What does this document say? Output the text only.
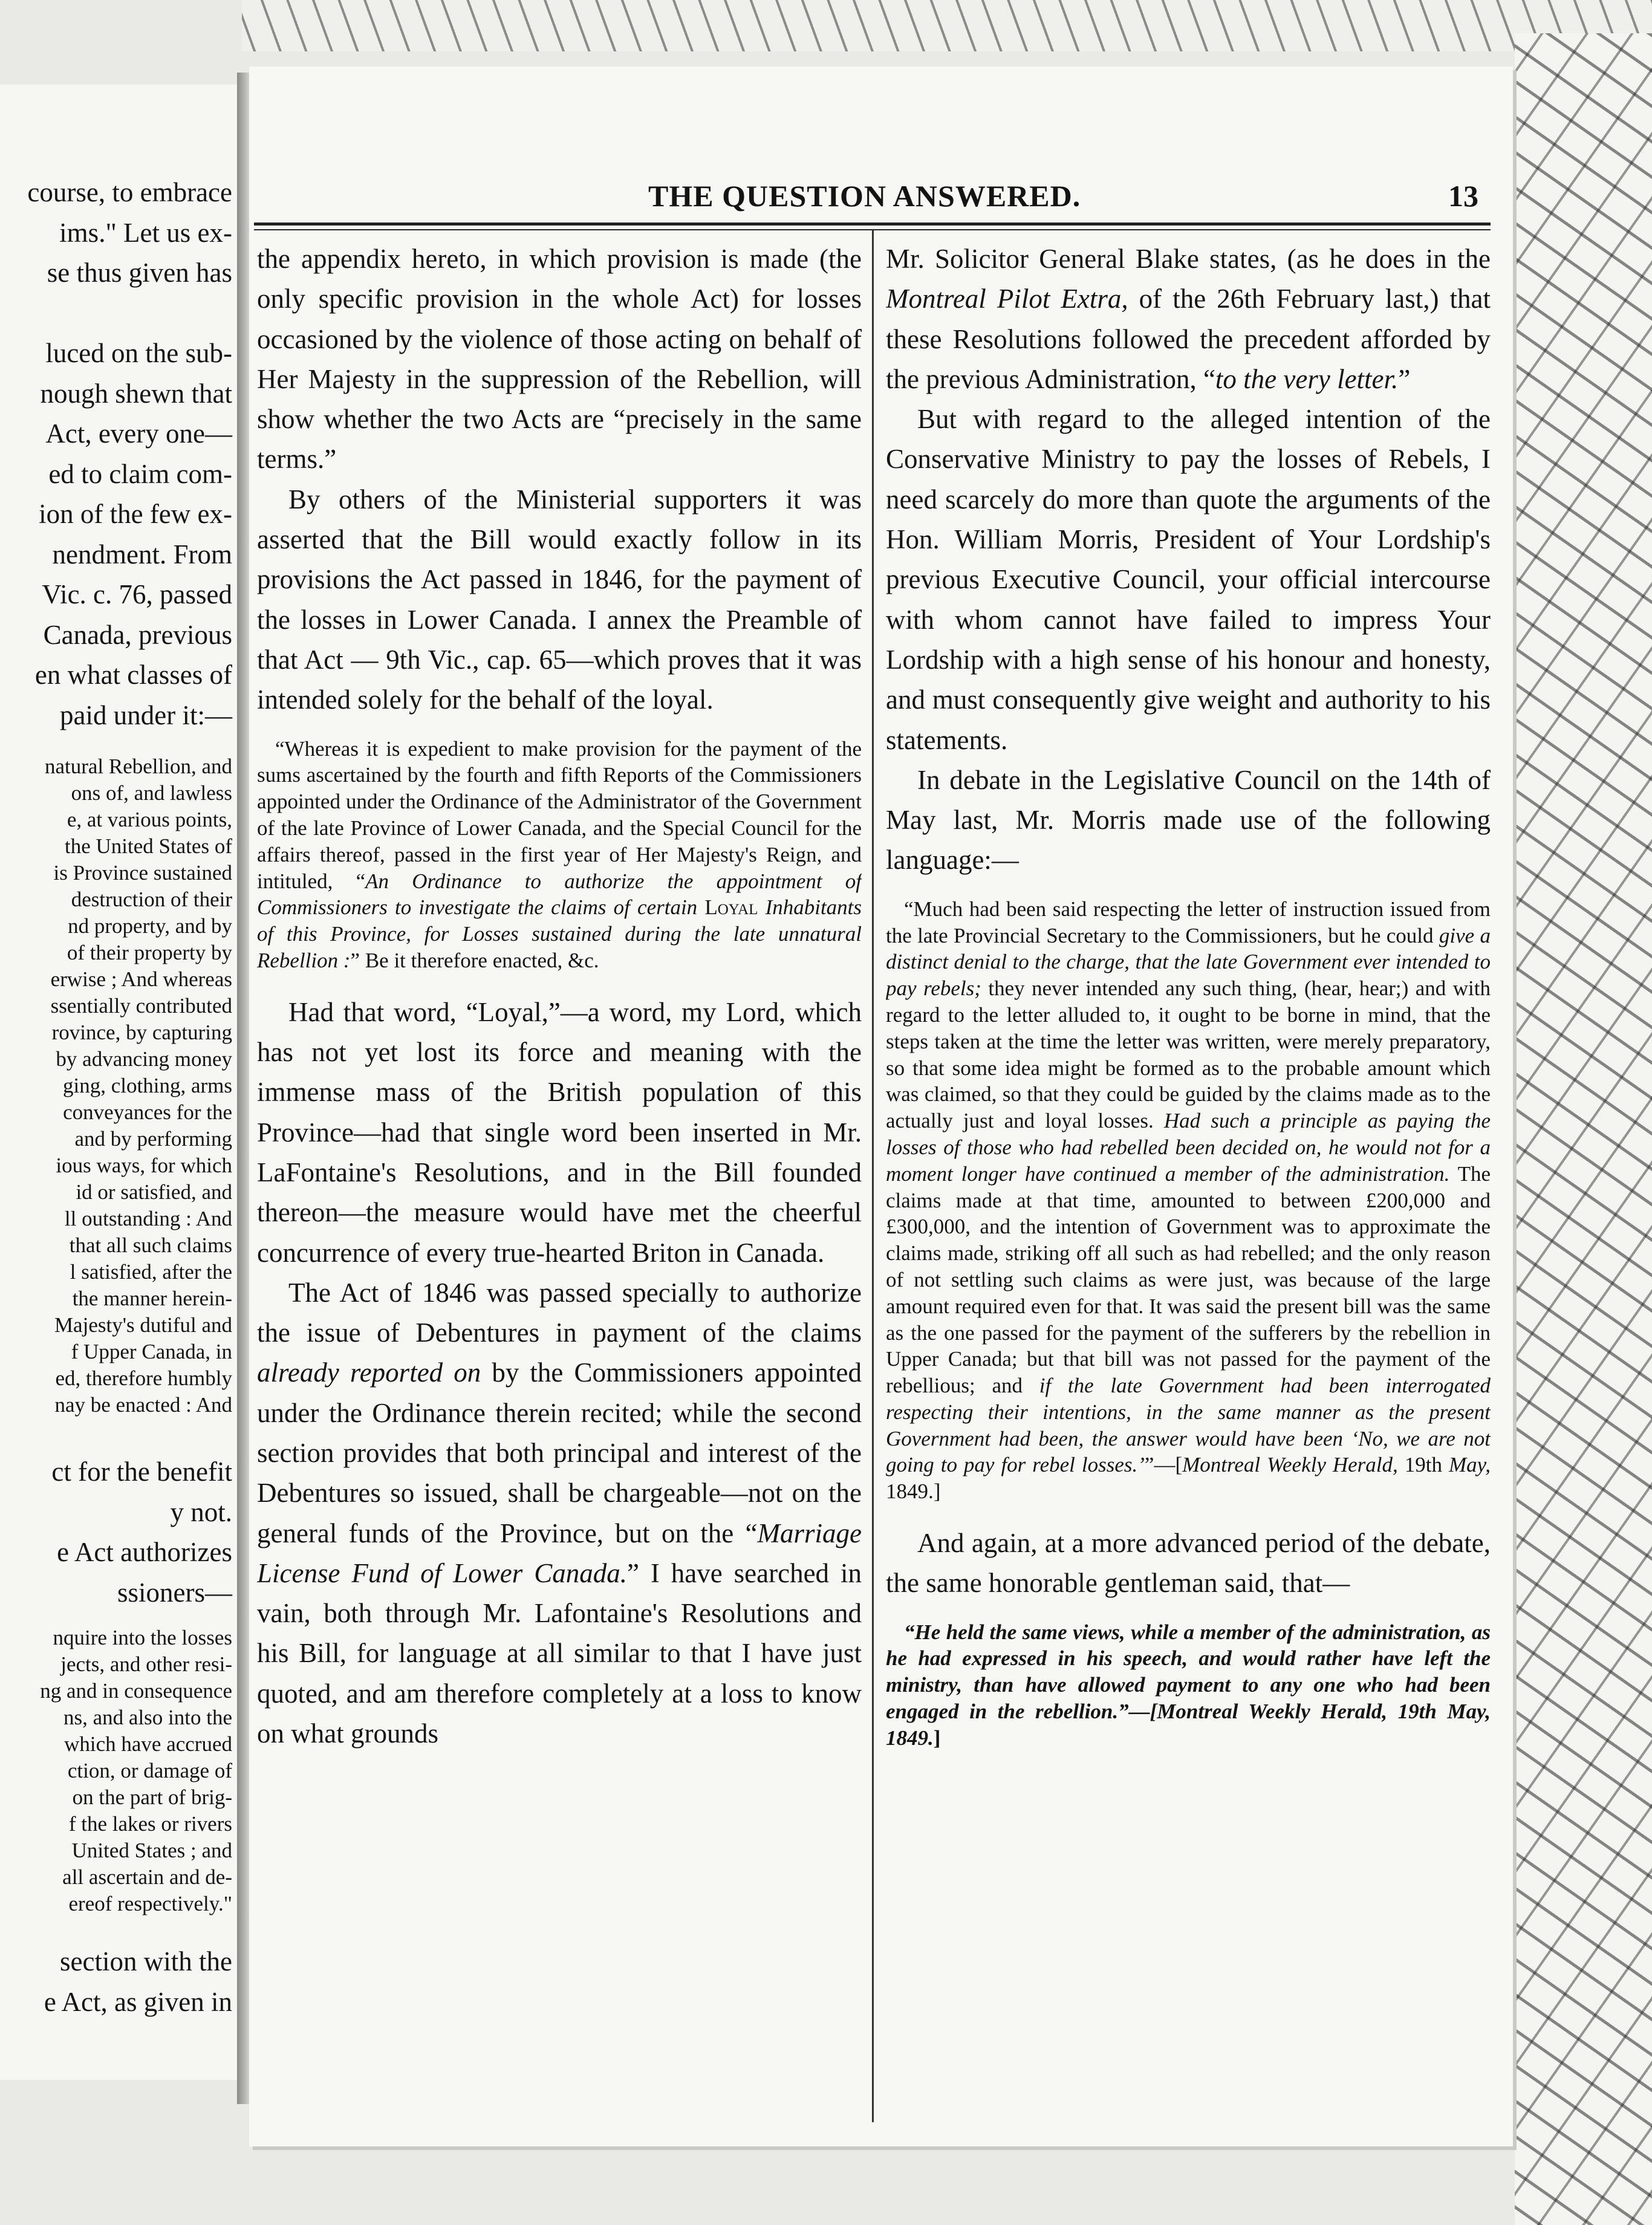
course, to embrace
ims." Let us ex-
se thus given has
luced on the sub-
nough shewn that
Act, every one—
ed to claim com-
ion of the few ex-
nendment. From
Vic. c. 76, passed
Canada, previous
en what classes of
paid under it:—
natural Rebellion, and
ons of, and lawless
e, at various points,
the United States of
is Province sustained
destruction of their
nd property, and by
of their property by
erwise ; And whereas
ssentially contributed
rovince, by capturing
by advancing money
ging, clothing, arms
conveyances for the
and by performing
ious ways, for which
id or satisfied, and
ll outstanding : And
that all such claims
l satisfied, after the
the manner herein-
Majesty's dutiful and
f Upper Canada, in
ed, therefore humbly
nay be enacted : And
ct for the benefit
y not.
e Act authorizes
ssioners—
nquire into the losses
jects, and other resi-
ng and in consequence
ns, and also into the
which have accrued
ction, or damage of
on the part of brig-
f the lakes or rivers
United States ; and
all ascertain and de-
ereof respectively."
section with the
e Act, as given in
THE QUESTION ANSWERED.	13

the appendix hereto, in which provision is made (the only specific provision in the whole Act) for losses occasioned by the violence of those acting on behalf of Her Majesty in the suppression of the Rebellion, will show whether the two Acts are “precisely in the same terms.”

By others of the Ministerial supporters it was asserted that the Bill would exactly follow in its provisions the Act passed in 1846, for the payment of the losses in Lower Canada. I annex the Preamble of that Act — 9th Vic., cap. 65—which proves that it was intended solely for the behalf of the loyal.

“Whereas it is expedient to make provision for the payment of the sums ascertained by the fourth and fifth Reports of the Commissioners appointed under the Ordinance of the Administrator of the Government of the late Province of Lower Canada, and the Special Council for the affairs thereof, passed in the first year of Her Majesty's Reign, and intituled, “An Ordinance to authorize the appointment of Commissioners to investigate the claims of certain Loyal Inhabitants of this Province, for Losses sustained during the late unnatural Rebellion :” Be it therefore enacted, &c.

Had that word, “Loyal,”—a word, my Lord, which has not yet lost its force and meaning with the immense mass of the British population of this Province—had that single word been inserted in Mr. LaFontaine's Resolutions, and in the Bill founded thereon—the measure would have met the cheerful concurrence of every true-hearted Briton in Canada.

The Act of 1846 was passed specially to authorize the issue of Debentures in payment of the claims already reported on by the Commissioners appointed under the Ordinance therein recited; while the second section provides that both principal and interest of the Debentures so issued, shall be chargeable—not on the general funds of the Province, but on the “Marriage License Fund of Lower Canada.” I have searched in vain, both through Mr. Lafontaine's Resolutions and his Bill, for language at all similar to that I have just quoted, and am therefore completely at a loss to know on what grounds

Mr. Solicitor General Blake states, (as he does in the Montreal Pilot Extra, of the 26th February last,) that these Resolutions followed the precedent afforded by the previous Administration, “to the very letter.”

But with regard to the alleged intention of the Conservative Ministry to pay the losses of Rebels, I need scarcely do more than quote the arguments of the Hon. William Morris, President of Your Lordship's previous Executive Council, your official intercourse with whom cannot have failed to impress Your Lordship with a high sense of his honour and honesty, and must consequently give weight and authority to his statements.

In debate in the Legislative Council on the 14th of May last, Mr. Morris made use of the following language:—

“Much had been said respecting the letter of instruction issued from the late Provincial Secretary to the Commissioners, but he could give a distinct denial to the charge, that the late Government ever intended to pay rebels; they never intended any such thing, (hear, hear;) and with regard to the letter alluded to, it ought to be borne in mind, that the steps taken at the time the letter was written, were merely preparatory, so that some idea might be formed as to the probable amount which was claimed, so that they could be guided by the claims made as to the actually just and loyal losses. Had such a principle as paying the losses of those who had rebelled been decided on, he would not for a moment longer have continued a member of the administration. The claims made at that time, amounted to between £200,000 and £300,000, and the intention of Government was to approximate the claims made, striking off all such as had rebelled; and the only reason of not settling such claims as were just, was because of the large amount required even for that. It was said the present bill was the same as the one passed for the payment of the sufferers by the rebellion in Upper Canada; but that bill was not passed for the payment of the rebellious; and if the late Government had been interrogated respecting their intentions, in the same manner as the present Government had been, the answer would have been ‘No, we are not going to pay for rebel losses.’”—[Montreal Weekly Herald, 19th May, 1849.]

And again, at a more advanced period of the debate, the same honorable gentleman said, that—

“He held the same views, while a member of the administration, as he had expressed in his speech, and would rather have left the ministry, than have allowed payment to any one who had been engaged in the rebellion.”—[Montreal Weekly Herald, 19th May, 1849.]
